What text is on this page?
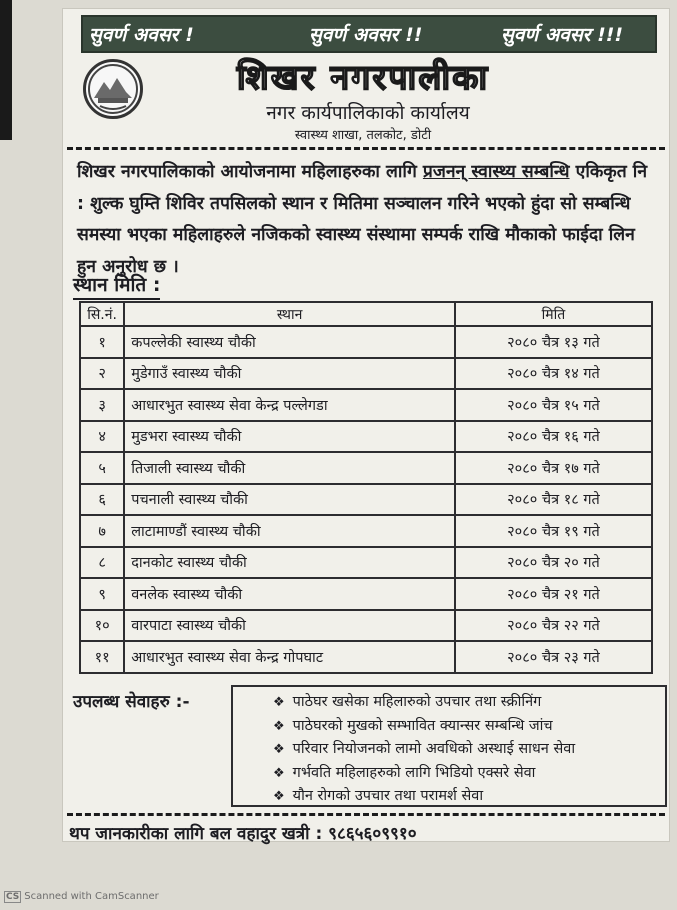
सुवर्ण अवसर !	सुवर्ण अवसर !!	सुवर्ण अवसर !!!
शिखर नगरपालीका
नगर कार्यपालिकाको कार्यालय
स्वास्थ्य शाखा, तलकोट, डोटी
शिखर नगरपालिकाको आयोजनामा महिलाहरुका लागि प्रजनन् स्वास्थ्य सम्बन्धि एकिकृत नि : शुल्क घुम्ति शिविर तपसिलको स्थान र मितिमा सञ्चालन गरिने भएको हुंदा सो सम्बन्धि समस्या भएका महिलाहरुले नजिकको स्वास्थ्य संस्थामा सम्पर्क राखि मौकाको फाईदा लिन हुन अनुरोध छ ।
स्थान मिति :
सि.नं.	स्थान	मिति
१	कपल्लेकी स्वास्थ्य चौकी	२०८० चैत्र १३ गते
२	मुडेगाउँ स्वास्थ्य चौकी	२०८० चैत्र १४ गते
३	आधारभुत स्वास्थ्य सेवा केन्द्र पल्लेगडा	२०८० चैत्र १५ गते
४	मुडभरा स्वास्थ्य चौकी	२०८० चैत्र १६ गते
५	तिजाली स्वास्थ्य चौकी	२०८० चैत्र १७ गते
६	पचनाली स्वास्थ्य चौकी	२०८० चैत्र १८ गते
७	लाटामाण्डौं स्वास्थ्य चौकी	२०८० चैत्र १९ गते
८	दानकोट स्वास्थ्य चौकी	२०८० चैत्र २० गते
९	वनलेक स्वास्थ्य चौकी	२०८० चैत्र २१ गते
१०	वारपाटा स्वास्थ्य चौकी	२०८० चैत्र २२ गते
११	आधारभुत स्वास्थ्य सेवा केन्द्र गोपघाट	२०८० चैत्र २३ गते
उपलब्ध सेवाहरु :-	❖ पाठेघर खसेका महिलारुको उपचार तथा स्क्रीनिंग
❖ पाठेघरको मुखको सम्भावित क्यान्सर सम्बन्धि जांच
❖ परिवार नियोजनको लामो अवधिको अस्थाई साधन सेवा
❖ गर्भवति महिलाहरुको लागि भिडियो एक्सरे सेवा
❖ यौन रोगको उपचार तथा परामर्श सेवा
थप जानकारीका लागि बल वहादुर खत्री : ९८६५६०९९१०
CS Scanned with CamScanner
